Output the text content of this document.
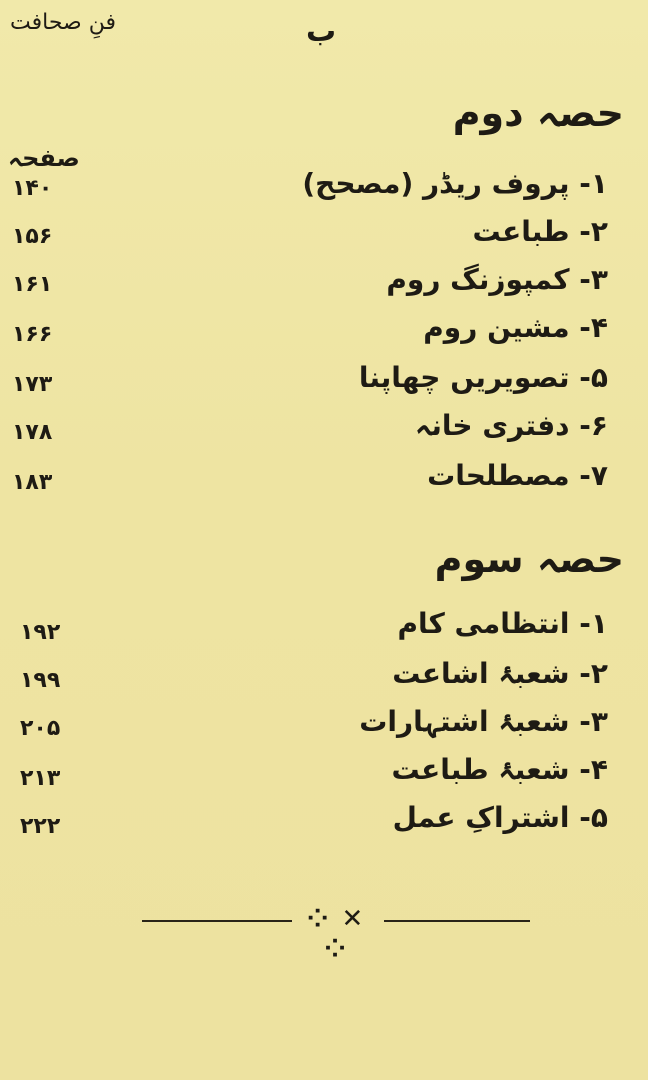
ب
فنِ صحافت
حصہ دوم
صفحہ
۱- پروف ریڈر (مصحح)
۱۴۰
۲- طباعت
۱۵۶
۳- کمپوزنگ روم
۱۶۱
۴- مشین روم
۱۶۶
۵- تصویریں چھاپنا
۱۷۳
۶- دفتری خانہ
۱۷۸
۷- مصطلحات
۱۸۳
حصہ سوم
۱- انتظامی کام
۱۹۲
۲- شعبۂ اشاعت
۱۹۹
۳- شعبۂ اشتہارات
۲۰۵
۴- شعبۂ طباعت
۲۱۳
۵- اشتراکِ عمل
۲۲۲
⁘ ✕ ⁘
